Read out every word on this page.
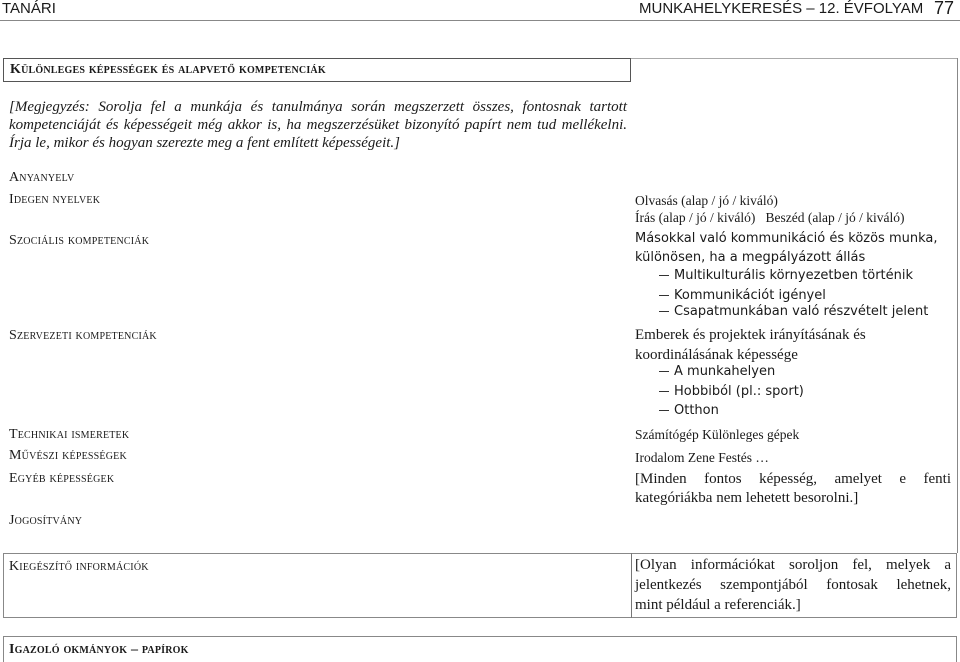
TANÁRI	MUNKAHELYKERESÉS – 12. ÉVFOLYAM 77
Különleges képességek és alapvető kompetenciák
[Megjegyzés: Sorolja fel a munkája és tanulmánya során megszerzett összes, fontosnak tartott kompetenciáját és képességeit még akkor is, ha megszerzésüket bizonyító papírt nem tud mellékelni. Írja le, mikor és hogyan szerezte meg a fent említett képességeit.]
Anyanyelv
Idegen nyelvek
Szociális kompetenciák
Szervezeti kompetenciák
Technikai ismeretek
Művészi képességek
Egyéb képességek
Jogosítvány
Olvasás (alap / jó / kiváló)
Írás (alap / jó / kiváló)   Beszéd (alap / jó / kiváló)
Másokkal való kommunikáció és közös munka,
különösen, ha a megpályázott állás
Multikulturális környezetben történik
Kommunikációt igényel
Csapatmunkában való részvételt jelent
Emberek és projektek irányításának és
koordinálásának képessége
A munkahelyen
Hobbiból (pl.: sport)
Otthon
Számítógép Különleges gépek
Irodalom Zene Festés …
[Minden fontos képesség, amelyet e fenti
kategóriákba nem lehetett besorolni.]
Kiegészítő információk	[Olyan információkat soroljon fel, melyek a
jelentkezés szempontjából fontosak lehetnek,
mint például a referenciák.]
Igazoló okmányok – papírok
